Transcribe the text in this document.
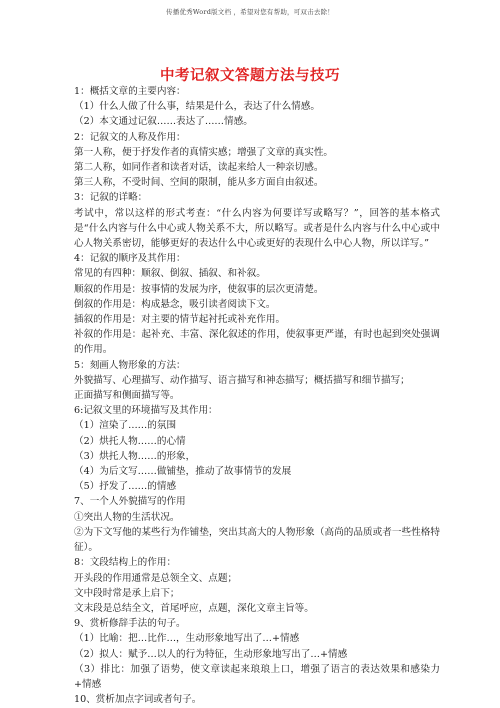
传播优秀Word版文档 ，希望对您有帮助，可双击去除！
中考记叙文答题方法与技巧
1：概括文章的主要内容：
（1）什么人做了什么事，结果是什么，表达了什么情感。
（2）本文通过记叙……表达了……情感。
2：记叙文的人称及作用：
第一人称，便于抒发作者的真情实感；增强了文章的真实性。
第二人称，如同作者和读者对话，读起来给人一种亲切感。
第三人称，不受时间、空间的限制，能从多方面自由叙述。
3：记叙的详略：
考试中，常以这样的形式考查：“什么内容为何要详写或略写？”，回答的基本格式是“什么内容与什么中心或人物关系不大，所以略写。或者是什么内容与什么中心或中心人物关系密切，能够更好的表达什么中心或更好的表现什么中心人物，所以详写。”
4：记叙的顺序及其作用：
常见的有四种：顺叙、倒叙、插叙、和补叙。
顺叙的作用是：按事情的发展为序，使叙事的层次更清楚。
倒叙的作用是：构成悬念，吸引读者阅读下文。
插叙的作用是：对主要的情节起衬托或补充作用。
补叙的作用是：起补充、丰富、深化叙述的作用，使叙事更严谨，有时也起到突处强调的作用。
5：刻画人物形象的方法：
外貌描写、心理描写、动作描写、语言描写和神态描写；概括描写和细节描写；
正面描写和侧面描写等。
6:记叙文里的环境描写及其作用：
（1）渲染了……的氛围
（2）烘托人物……的心情
（3）烘托人物……的形象，
（4）为后文写……做铺垫，推动了故事情节的发展
（5）抒发了……的情感
7、一个人外貌描写的作用
①突出人物的生活状况。
②为下文写他的某些行为作铺垫，突出其高大的人物形象（高尚的品质或者一些性格特征）。
8：文段结构上的作用：
开头段的作用通常是总领全文、点题；
文中段时常是承上启下；
文末段是总结全文，首尾呼应，点题，深化文章主旨等。
9、赏析修辞手法的句子。
（1）比喻：把…比作…，生动形象地写出了…+情感
（2）拟人：赋予…以人的行为特征，生动形象地写出了…+情感
（3）排比：加强了语势，使文章读起来琅琅上口，增强了语言的表达效果和感染力+情感
10、赏析加点字词或者句子。
